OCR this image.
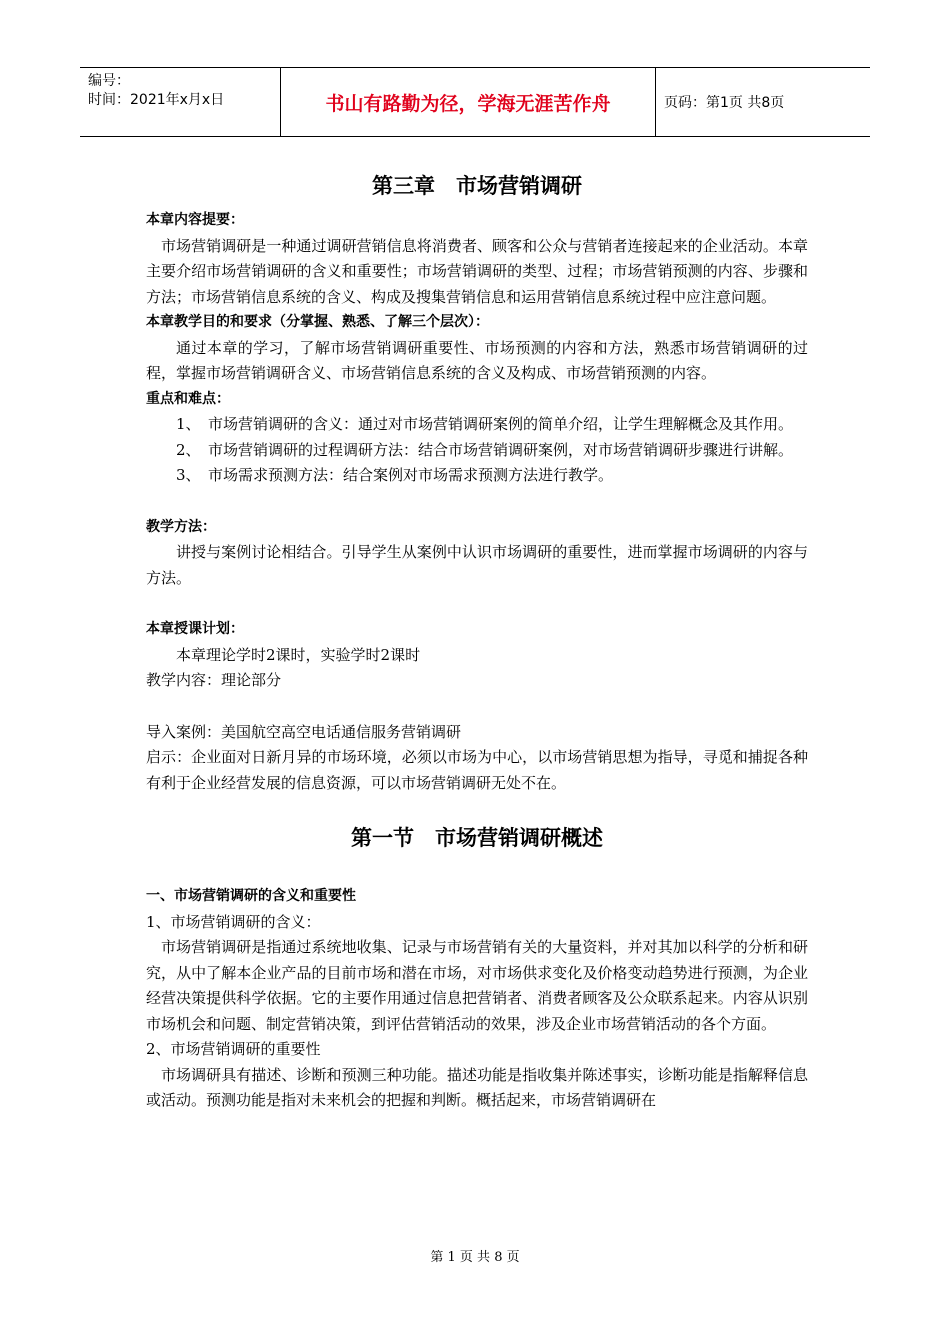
编号：
时间：2021年x月x日	书山有路勤为径，学海无涯苦作舟	页码：第1页 共8页
第三章　市场营销调研
本章内容提要：

市场营销调研是一种通过调研营销信息将消费者、顾客和公众与营销者连接起来的企业活动。本章主要介绍市场营销调研的含义和重要性；市场营销调研的类型、过程；市场营销预测的内容、步骤和方法；市场营销信息系统的含义、构成及搜集营销信息和运用营销信息系统过程中应注意问题。

本章教学目的和要求（分掌握、熟悉、了解三个层次）：

通过本章的学习，了解市场营销调研重要性、市场预测的内容和方法，熟悉市场营销调研的过程，掌握市场营销调研含义、市场营销信息系统的含义及构成、市场营销预测的内容。

重点和难点：
1、 市场营销调研的含义：通过对市场营销调研案例的简单介绍，让学生理解概念及其作用。
2、 市场营销调研的过程调研方法：结合市场营销调研案例，对市场营销调研步骤进行讲解。
3、 市场需求预测方法：结合案例对市场需求预测方法进行教学。
教学方法：

讲授与案例讨论相结合。引导学生从案例中认识市场调研的重要性，进而掌握市场调研的内容与方法。

本章授课计划：

本章理论学时2课时，实验学时2课时

教学内容：理论部分

导入案例：美国航空高空电话通信服务营销调研

启示：企业面对日新月异的市场环境，必须以市场为中心，以市场营销思想为指导，寻觅和捕捉各种有利于企业经营发展的信息资源，可以市场营销调研无处不在。

第一节　市场营销调研概述
一、市场营销调研的含义和重要性

1、市场营销调研的含义：

市场营销调研是指通过系统地收集、记录与市场营销有关的大量资料，并对其加以科学的分析和研究，从中了解本企业产品的目前市场和潜在市场，对市场供求变化及价格变动趋势进行预测，为企业经营决策提供科学依据。它的主要作用通过信息把营销者、消费者顾客及公众联系起来。内容从识别市场机会和问题、制定营销决策，到评估营销活动的效果，涉及企业市场营销活动的各个方面。

2、市场营销调研的重要性

市场调研具有描述、诊断和预测三种功能。描述功能是指收集并陈述事实，诊断功能是指解释信息或活动。预测功能是指对未来机会的把握和判断。概括起来，市场营销调研在

第 1 页 共 8 页
